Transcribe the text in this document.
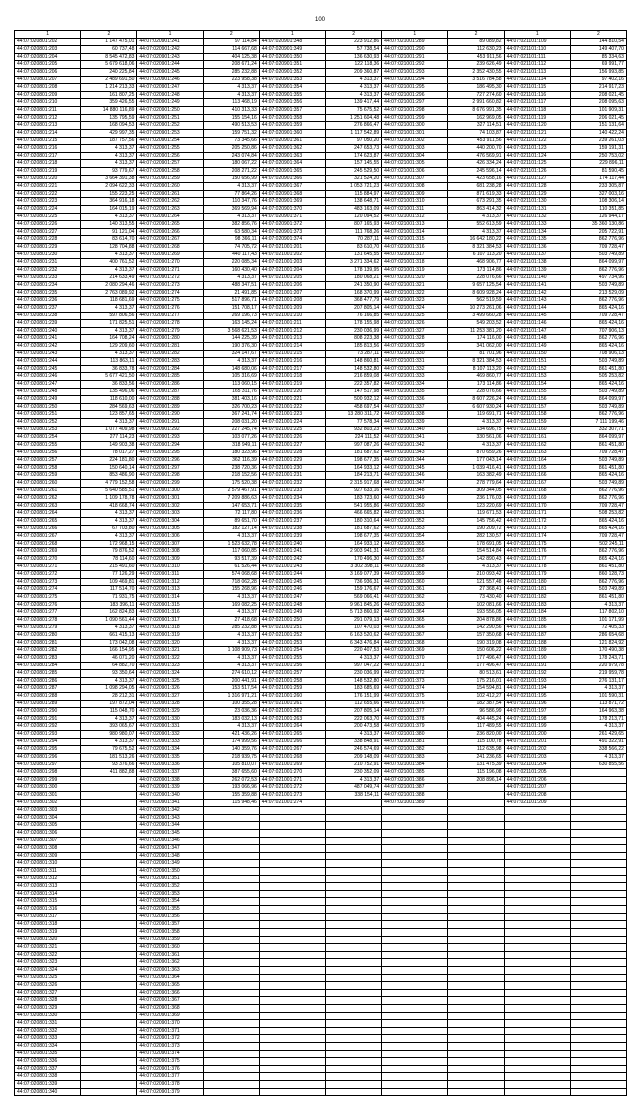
100
1	2	1	2	1	2	1	2	1	2
44:07:020801:202	1 147 475,01	44:07:020901:241	97 114,84	44:07:020901:348	223 912,86	44:07:021001:289	89 089,82	44:07:021101:109	144 810,54
44:07:020801:203	60 737,48	44:07:020901:242	114 667,68	44:07:020901:349	57 738,54	44:07:021001:290	112 630,23	44:07:021101:110	149 407,70
44:07:020801:204	8 545 472,83	44:07:020901:243	404 125,38	44:07:020901:350	136 630,93	44:07:021001:291	453 911,56	44:07:021101:111	85 334,63
44:07:020801:205	5 679 618,06	44:07:020901:244	208 671,24	44:07:020901:351	122 118,36	44:07:021001:292	239 626,49	44:07:021101:112	69 991,77
44:07:020801:206	240 225,84	44:07:020901:245	285 232,88	44:07:020901:352	209 360,87	44:07:021001:293	2 352 430,55	44:07:021101:113	156 993,85
44:07:020801:207	2 489 691,50	44:07:020901:246	223 958,38	44:07:020901:353	4 313,37	44:07:021001:294	3 516 784,58	44:07:021101:114	97 402,16
44:07:020801:208	1 214 213,33	44:07:020901:247	4 313,37	44:07:020901:354	4 313,37	44:07:021001:295	186 495,30	44:07:021101:115	214 917,23
44:07:020801:209	161 807,25	44:07:020901:248	4 313,37	44:07:020901:355	4 313,37	44:07:021001:296	727 274,60	44:07:021101:116	208 021,45
44:07:020801:210	359 426,55	44:07:020901:249	113 468,19	44:07:020901:356	139 417,44	44:07:021001:297	2 991 660,82	44:07:021101:117	208 095,63
44:07:020801:211	14 880 116,89	44:07:020901:250	410 313,33	44:07:020901:357	75 675,52	44:07:021001:298	8 676 991,35	44:07:021101:118	101 909,31
44:07:020801:212	135 795,59	44:07:020901:251	155 154,16	44:07:020901:358	1 251 604,48	44:07:021001:299	162 969,05	44:07:021101:119	206 021,45
44:07:020801:213	168 094,53	44:07:020901:252	490 513,53	44:07:020901:359	276 866,47	44:07:021001:300	327 114,51	44:07:021101:120	151 131,64
44:07:020801:214	429 997,35	44:07:020901:253	159 751,32	44:07:020901:360	1 117 542,89	44:07:021001:301	74 103,87	44:07:021101:121	140 422,24
44:07:020801:215	187 757,56	44:07:020901:254	73 345,66	44:07:020901:361	97 050,20	44:07:021001:302	453 911,56	44:07:021101:122	239 261,03
44:07:020801:216	4 313,37	44:07:020901:255	205 250,86	44:07:020901:362	247 653,73	44:07:021001:303	440 200,70	44:07:021101:123	159 191,31
44:07:020801:217	4 313,37	44:07:020901:256	243 074,84	44:07:020901:363	174 623,87	44:07:021001:304	476 569,91	44:07:021101:124	250 753,02
44:07:020801:218	4 313,37	44:07:020901:257	180 067,22	44:07:020901:364	157 145,55	44:07:021001:305	426 334,24	44:07:021101:125	229 896,11
44:07:020801:219	93 779,67	44:07:020901:258	208 271,22	44:07:020901:365	245 529,50	44:07:021001:306	245 596,14	44:07:021101:126	81 590,45
44:07:020801:220	3 664 391,38	44:07:020901:259	150 656,99	44:07:020901:366	321 524,20	44:07:021001:307	423 658,16	44:07:021101:127	174 117,44
44:07:020801:221	2 094 622,33	44:07:020901:260	4 313,37	44:07:020901:367	1 053 721,23	44:07:021001:308	681 238,28	44:07:021101:128	233 305,87
44:07:020801:222	155 223,25	44:07:020901:261	77 864,26	44:07:020901:368	115 884,97	44:07:021001:309	871 619,33	44:07:021101:129	327 003,16
44:07:020801:223	364 916,18	44:07:020901:262	110 347,76	44:07:020901:369	138 648,71	44:07:021001:310	673 291,35	44:07:021101:130	108 306,14
44:07:020801:224	164 015,19	44:07:020901:263	369 569,94	44:07:020901:370	483 163,09	44:07:021001:311	863 414,32	44:07:021101:131	110 351,85
44:07:020801:225	4 313,37	44:07:020901:264	4 313,37	44:07:020901:371	120 094,52	44:07:021001:312	4 313,37	44:07:021101:132	126 944,17
44:07:020801:226	140 313,55	44:07:020901:265	382 856,76	44:07:020901:372	807 165,93	44:07:021001:313	552 613,59	44:07:021101:133	35 360 130,86
44:07:020801:227	91 121,04	44:07:020901:266	63 580,34	44:07:020901:373	111 768,26	44:07:021001:314	4 313,37	44:07:021101:134	205 722,91
44:07:020801:228	83 614,70	44:07:020901:267	98 366,11	44:07:020901:374	70 287,11	44:07:021001:315	16 642 180,22	44:07:021101:135	862 776,96
44:07:020801:229	128 704,88	44:07:020901:268	74 705,72	44:07:021001:201	83 610,70	44:07:021001:316	8 321 384,53	44:07:021101:136	709 728,47
44:07:020801:230	4 313,37	44:07:020901:269	440 117,43	44:07:021001:202	131 645,55	44:07:021001:317	6 107 113,20	44:07:021101:137	503 749,89
44:07:020801:231	400 761,52	44:07:020901:270	220 085,34	44:07:021001:203	3 271 334,62	44:07:021001:318	468 906,77	44:07:021101:138	864 099,97
44:07:020801:232	4 313,37	44:07:020901:271	160 430,40	44:07:021001:204	178 139,95	44:07:021001:319	173 114,86	44:07:021101:139	862 776,96
44:07:020801:233	214 633,49	44:07:020901:272	4 313,37	44:07:021001:205	180 068,21	44:07:021001:320	228 076,66	44:07:021101:140	497 734,96
44:07:020801:234	2 080 294,46	44:07:020901:273	488 347,51	44:07:021001:206	241 350,90	44:07:021001:321	9 657 125,54	44:07:021101:141	503 749,89
44:07:020801:235	2 763 089,92	44:07:020901:274	21 491,85	44:07:021001:207	168 370,99	44:07:021001:322	8 609 928,24	44:07:021101:142	213 529,09
44:07:020801:236	118 681,69	44:07:020901:275	517 896,71	44:07:021001:208	368 477,79	44:07:021001:323	562 519,59	44:07:021101:143	862 776,96
44:07:020801:237	4 313,37	44:07:020901:276	151 708,17	44:07:021001:209	207 805,14	44:07:021001:324	10 273 261,06	44:07:021101:144	865 424,16
44:07:020801:238	597 806,56	44:07:020901:277	269 196,73	44:07:021001:210	76 166,85	44:07:021001:325	3 499 660,28	44:07:021101:145	709 728,47
44:07:020801:239	171 825,51	44:07:020901:278	163 145,24	44:07:021001:211	178 155,98	44:07:021001:326	549 203,52	44:07:021101:146	865 424,16
44:07:020801:240	4 313,37	44:07:020901:279	3 568 621,53	44:07:021001:212	230 036,99	44:07:021001:327	11 253 381,20	44:07:021101:147	707 906,13
44:07:020801:241	164 708,24	44:07:020901:280	144 225,39	44:07:021001:213	808 223,38	44:07:021001:328	174 116,00	44:07:021101:148	862 776,96
44:07:020801:242	129 209,60	44:07:020901:281	190 376,30	44:07:021001:214	185 813,56	44:07:021001:329	341 062,00	44:07:021101:149	865 424,16
44:07:020801:243	4 313,37	44:07:020901:282	324 147,67	44:07:021001:215	73 287,11	44:07:021001:330	81 701,96	44:07:021101:150	708 906,13
44:07:020801:244	113 863,11	44:07:020901:283	4 313,37	44:07:021001:216	148 860,81	44:07:021001:331	8 321 384,53	44:07:021101:151	503 749,89
44:07:020801:245	36 833,78	44:07:020901:284	148 680,06	44:07:021001:217	148 532,80	44:07:021001:332	8 107 113,20	44:07:021101:152	861 451,80
44:07:020801:246	5 677 421,50	44:07:020901:285	105 316,69	44:07:021001:218	216 859,08	44:07:021001:333	469 860,77	44:07:021101:153	505 253,82
44:07:020801:247	36 833,56	44:07:020901:286	113 060,15	44:07:021001:219	222 357,82	44:07:021001:334	173 114,86	44:07:021101:154	865 424,16
44:07:020801:248	135 496,06	44:07:020901:287	165 311,76	44:07:021001:220	147 517,98	44:07:021001:335	228 076,66	44:07:021101:155	503 749,89
44:07:020801:249	118 610,00	44:07:020901:288	381 403,16	44:07:021001:221	500 932,12	44:07:021001:336	8 607 226,24	44:07:021101:156	864 099,97
44:07:020801:250	284 569,63	44:07:020901:289	326 700,23	44:07:021001:222	458 697,54	44:07:021001:337	6 607 930,24	44:07:021101:157	503 749,89
44:07:020801:251	123 857,65	44:07:020901:290	367 241,74	44:07:021001:223	13 280 311,72	44:07:021001:338	119 691,71	44:07:021101:158	862 776,96
44:07:020801:252	4 313,37	44:07:020901:291	208 031,20	44:07:021001:224	77 578,34	44:07:021001:339	4 313,37	44:07:021101:159	7 111 199,46
44:07:020801:253	1 077 409,98	44:07:020901:292	227 245,74	44:07:021001:225	932 803,23	44:07:021001:340	134 696,75	44:07:021101:160	332 307,71
44:07:020801:254	277 114,23	44:07:020901:293	103 077,26	44:07:021001:226	224 111,52	44:07:021001:341	330 561,06	44:07:021101:161	864 099,97
44:07:020801:255	149 903,38	44:07:020901:294	318 949,11	44:07:021001:227	997 087,26	44:07:021001:342	4 313,37	44:07:021101:162	861 451,80
44:07:020801:256	78 017,27	44:07:020901:295	180 323,96	44:07:021001:228	181 687,62	44:07:021001:343	870 659,26	44:07:021101:163	709 728,47
44:07:020801:257	224 181,80	44:07:020901:296	362 116,39	44:07:021001:229	198 677,35	44:07:021001:344	177 043,14	44:07:021101:164	503 749,89
44:07:020801:258	150 640,14	44:07:020901:297	238 720,36	44:07:021001:230	164 933,12	44:07:021001:345	1 039 416,41	44:07:021101:165	861 451,80
44:07:020801:259	853 486,90	44:07:020901:298	218 152,56	44:07:021001:231	184 213,71	44:07:021001:346	163 382,49	44:07:021101:166	865 424,16
44:07:020801:260	4 779 152,58	44:07:020901:299	175 520,38	44:07:021001:232	2 315 917,68	44:07:021001:347	278 779,64	44:07:021101:167	503 749,89
44:07:020801:261	5 640 585,51	44:07:020901:300	2 579 467,91	44:07:021001:233	927 633,16	44:07:021001:348	309 344,05	44:07:021101:168	862 776,96
44:07:020801:262	1 109 178,78	44:07:020901:301	7 209 886,63	44:07:021001:234	183 723,60	44:07:021001:349	236 176,03	44:07:021101:169	862 776,96
44:07:020801:263	418 668,74	44:07:020901:302	147 653,71	44:07:021001:235	541 955,86	44:07:021001:350	123 220,69	44:07:021101:170	709 728,47
44:07:020801:264	4 313,37	44:07:020901:303	72 117,80	44:07:021001:236	466 665,82	44:07:021001:351	119 671,53	44:07:021101:171	508 253,82
44:07:020801:265	4 313,37	44:07:020901:304	89 651,70	44:07:021001:237	180 310,64	44:07:021001:352	145 756,42	44:07:021101:172	865 424,16
44:07:020801:266	67 703,80	44:07:020901:305	182 127,14	44:07:021001:238	181 687,62	44:07:021001:353	190 209,72	44:07:021101:173	865 424,16
44:07:020801:267	4 313,37	44:07:020901:306	4 313,37	44:07:021001:239	198 677,35	44:07:021001:354	282 130,57	44:07:021101:174	709 728,47
44:07:020801:268	172 968,15	44:07:020901:307	1 523 632,78	44:07:021001:240	164 933,12	44:07:021001:355	178 691,05	44:07:021101:175	502 245,11
44:07:020801:269	79 876,52	44:07:020901:308	117 060,85	44:07:021001:241	2 903 941,31	44:07:021001:356	154 514,84	44:07:021101:176	862 776,96
44:07:020801:270	78 114,60	44:07:020901:309	93 517,39	44:07:021001:242	170 496,30	44:07:021001:357	142 890,43	44:07:021101:177	865 424,16
44:07:020801:271	215 491,60	44:07:020901:310	61 526,44	44:07:021001:243	3 302 398,11	44:07:021001:358	4 313,37	44:07:021101:178	861 451,80
44:07:020801:272	77 126,29	44:07:020901:311	574 068,68	44:07:021001:244	3 169 077,39	44:07:021001:359	210 093,42	44:07:021101:179	860 128,73
44:07:020801:273	109 469,81	44:07:020901:312	718 062,28	44:07:021001:245	736 936,31	44:07:021001:360	121 557,48	44:07:021101:180	862 776,96
44:07:020801:274	117 514,70	44:07:020901:313	155 268,96	44:07:021001:246	159 176,67	44:07:021001:361	27 368,41	44:07:021101:181	503 749,89
44:07:020801:275	71 931,75	44:07:020901:314	4 313,37	44:07:021001:247	569 066,41	44:07:021001:362	73 430,40	44:07:021101:182	861 451,80
44:07:020801:276	183 396,11	44:07:020901:315	169 082,25	44:07:021001:248	9 961 845,26	44:07:021001:363	102 081,66	44:07:021101:183	4 313,37
44:07:020801:277	162 824,83	44:07:020901:316	4 313,37	44:07:021001:249	5 713 860,92	44:07:021001:364	193 556,05	44:07:021101:184	117 802,10
44:07:020801:278	1 090 561,44	44:07:020901:317	27 418,68	44:07:021001:250	291 079,13	44:07:021001:365	204 878,86	44:07:021101:185	101 171,99
44:07:020801:279	4 313,37	44:07:020901:318	285 232,88	44:07:021001:251	107 470,03	44:07:021001:366	142 290,56	44:07:021101:186	72 405,33
44:07:020801:280	661 415,13	44:07:020901:319	4 313,37	44:07:021001:252	6 163 520,62	44:07:021001:367	157 350,68	44:07:021101:187	286 654,68
44:07:020801:281	173 042,08	44:07:020901:320	4 313,37	44:07:021001:253	6 343 476,84	44:07:021001:368	190 319,08	44:07:021101:188	121 824,92
44:07:020801:282	166 154,95	44:07:020901:321	1 108 909,73	44:07:021001:254	220 407,53	44:07:021001:369	150 606,22	44:07:021101:189	170 490,38
44:07:020801:283	46 071,20	44:07:020901:322	4 313,37	44:07:021001:255	4 313,37	44:07:021001:370	177 496,47	44:07:021101:190	178 243,71
44:07:020801:284	64 882,70	44:07:020901:323	4 313,37	44:07:021001:256	997 047,22	44:07:021001:371	177 496,47	44:07:021101:191	220 979,78
44:07:020801:285	93 350,64	44:07:020901:324	274 610,12	44:07:021001:257	230 036,99	44:07:021001:372	80 513,61	44:07:021101:192	219 959,78
44:07:020801:286	4 313,37	44:07:020901:325	200 441,91	44:07:021001:258	148 532,80	44:07:021001:373	175 216,01	44:07:021101:193	276 131,17
44:07:020801:287	1 098 294,05	44:07:020901:326	153 517,54	44:07:021001:259	183 685,69	44:07:021001:374	154 594,81	44:07:021101:194	4 313,37
44:07:020801:288	28 212,31	44:07:020901:327	1 316 971,21	44:07:021001:260	176 151,99	44:07:021001:375	102 412,27	44:07:021101:195	101 590,31
44:07:020801:289	197 872,04	44:07:020901:328	100 355,28	44:07:021001:261	112 655,66	44:07:021001:376	182 387,54	44:07:021101:196	113 871,72
44:07:020801:290	115 048,70	44:07:020901:329	23 036,36	44:07:021001:262	207 805,14	44:07:021001:377	96 586,99	44:07:021101:197	164 963,38
44:07:020801:291	4 313,37	44:07:020901:330	183 032,13	44:07:021001:263	222 063,70	44:07:021001:378	404 445,24	44:07:021101:198	178 213,71
44:07:020801:292	393 065,67	44:07:020901:331	4 313,37	44:07:021001:264	200 473,58	44:07:021001:379	117 489,55	44:07:021101:199	4 313,37
44:07:020801:293	980 980,07	44:07:020901:332	421 436,26	44:07:021001:265	4 313,37	44:07:021001:380	236 820,00	44:07:021101:200	261 429,65
44:07:020801:294	4 313,37	44:07:020901:333	174 999,56	44:07:021001:266	338 848,91	44:07:021001:381	115 100,78	44:07:021101:201	491 322,91
44:07:020801:295	79 675,52	44:07:020901:334	140 359,76	44:07:021001:267	246 574,69	44:07:021001:382	112 635,98	44:07:021101:202	338 566,22
44:07:020801:296	181 513,26	44:07:020901:335	218 939,75	44:07:021001:268	209 148,09	44:07:021001:383	241 236,65	44:07:021101:203	4 313,37
44:07:020801:297	93 376,66	44:07:020901:336	105 810,07	44:07:021001:269	210 752,91	44:07:021001:384	131 475,39	44:07:021101:204	630 855,56
44:07:020801:298	411 882,88	44:07:020901:337	387 655,60	44:07:021001:270	230 352,09	44:07:021001:385	115 196,08	44:07:021101:205	
44:07:020801:299		44:07:020901:338	262 072,53	44:07:021001:271	4 313,37	44:07:021001:386	208 896,14	44:07:021101:206	
44:07:020801:300		44:07:020901:339	193 066,96	44:07:021001:272	487 049,74	44:07:021001:387		44:07:021101:207	
44:07:020801:301		44:07:020901:340	155 359,88	44:07:021001:273	338 154,11	44:07:021001:388		44:07:021101:208	
44:07:020801:302		44:07:020901:341	115 948,46	44:07:021001:274		44:07:021001:389		44:07:021101:209	
44:07:020801:303		44:07:020901:342							
44:07:020801:304		44:07:020901:343							
44:07:020801:305		44:07:020901:344							
44:07:020801:306		44:07:020901:345							
44:07:020801:307		44:07:020901:346							
44:07:020801:308		44:07:020901:347							
44:07:020801:309		44:07:020901:348							
44:07:020801:310		44:07:020901:349							
44:07:020801:311		44:07:020901:350							
44:07:020801:312		44:07:020901:351							
44:07:020801:313		44:07:020901:352							
44:07:020801:314		44:07:020901:353							
44:07:020801:315		44:07:020901:354							
44:07:020801:316		44:07:020901:355							
44:07:020801:317		44:07:020901:356							
44:07:020801:318		44:07:020901:357							
44:07:020801:319		44:07:020901:358							
44:07:020801:320		44:07:020901:359							
44:07:020801:321		44:07:020901:360							
44:07:020801:322		44:07:020901:361							
44:07:020801:323		44:07:020901:362							
44:07:020801:324		44:07:020901:363							
44:07:020801:325		44:07:020901:364							
44:07:020801:326		44:07:020901:365							
44:07:020801:327		44:07:020901:366							
44:07:020801:328		44:07:020901:367							
44:07:020801:329		44:07:020901:368							
44:07:020801:330		44:07:020901:369							
44:07:020801:331		44:07:020901:370							
44:07:020801:332		44:07:020901:371							
44:07:020801:333		44:07:020901:372							
44:07:020801:334		44:07:020901:373							
44:07:020801:335		44:07:020901:374							
44:07:020801:336		44:07:020901:375							
44:07:020801:337		44:07:020901:376							
44:07:020801:338		44:07:020901:377							
44:07:020801:339		44:07:020901:378							
44:07:020801:340		44:07:020901:379							
